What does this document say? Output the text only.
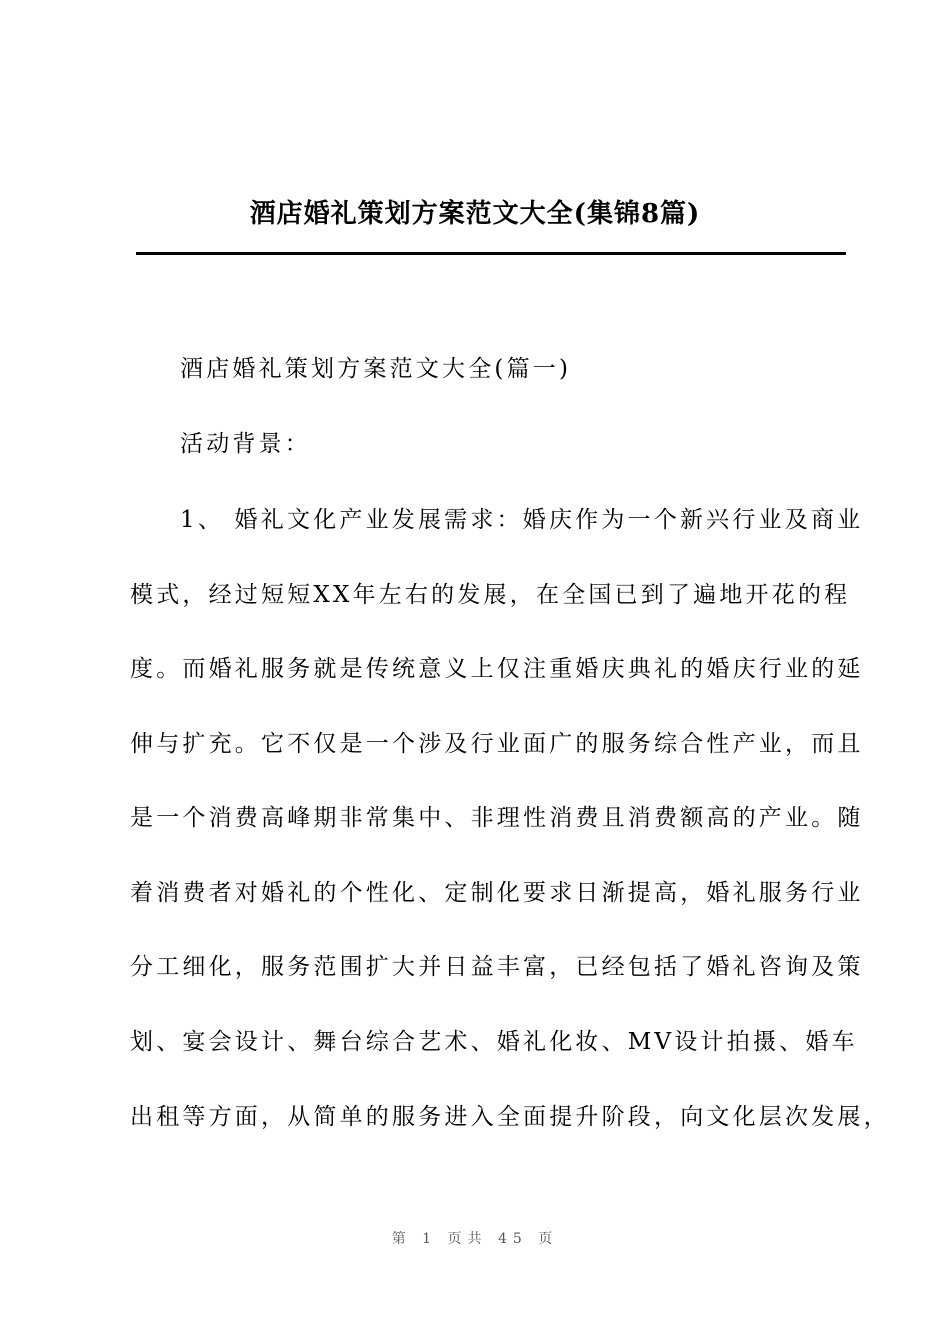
酒店婚礼策划方案范文大全(集锦8篇)
酒店婚礼策划方案范文大全(篇一)
活动背景：
1、 婚礼文化产业发展需求：婚庆作为一个新兴行业及商业
模式，经过短短XX年左右的发展，在全国已到了遍地开花的程
度。而婚礼服务就是传统意义上仅注重婚庆典礼的婚庆行业的延
伸与扩充。它不仅是一个涉及行业面广的服务综合性产业，而且
是一个消费高峰期非常集中、非理性消费且消费额高的产业。随
着消费者对婚礼的个性化、定制化要求日渐提高，婚礼服务行业
分工细化，服务范围扩大并日益丰富，已经包括了婚礼咨询及策
划、宴会设计、舞台综合艺术、婚礼化妆、MV设计拍摄、婚车
出租等方面，从简单的服务进入全面提升阶段，向文化层次发展，
第 1 页共 45 页
